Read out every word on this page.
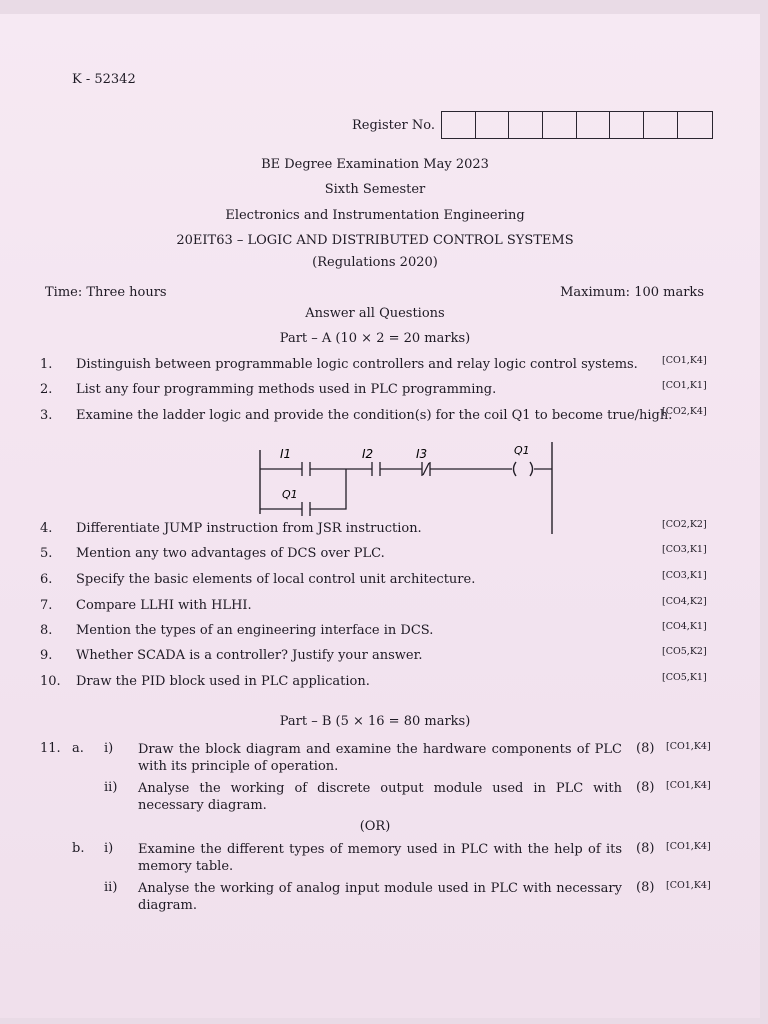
K - 52342
Register No.
BE Degree Examination May 2023
Sixth Semester
Electronics and Instrumentation Engineering
20EIT63 – LOGIC AND DISTRIBUTED CONTROL SYSTEMS
(Regulations 2020)
Time: Three hours	Maximum: 100 marks
Answer all Questions
Part – A (10 × 2 = 20 marks)
1. Distinguish between programmable logic controllers and relay logic control systems.	[CO1,K4]
2. List any four programming methods used in PLC programming.	[CO1,K1]
3. Examine the ladder logic and provide the condition(s) for the coil Q1 to become true/high.
[CO2,K4]
I1	I2	I3	Q1
Q1
4. Differentiate JUMP instruction from JSR instruction.	[CO2,K2]
5. Mention any two advantages of DCS over PLC.	[CO3,K1]
6. Specify the basic elements of local control unit architecture.	[CO3,K1]
7. Compare LLHI with HLHI.	[CO4,K2]
8. Mention the types of an engineering interface in DCS.	[CO4,K1]
9. Whether SCADA is a controller? Justify your answer.	[CO5,K2]
10. Draw the PID block used in PLC application.	[CO5,K1]
Part – B (5 × 16 = 80 marks)
11. a. i) Draw the block diagram and examine the hardware components of PLC with its principle of operation.
(8) [CO1,K4]
ii) Analyse the working of discrete output module used in PLC with necessary diagram.
(8) [CO1,K4]
(OR)
b. i) Examine the different types of memory used in PLC with the help of its memory table.
(8) [CO1,K4]
ii) Analyse the working of analog input module used in PLC with necessary diagram.
(8) [CO1,K4]
